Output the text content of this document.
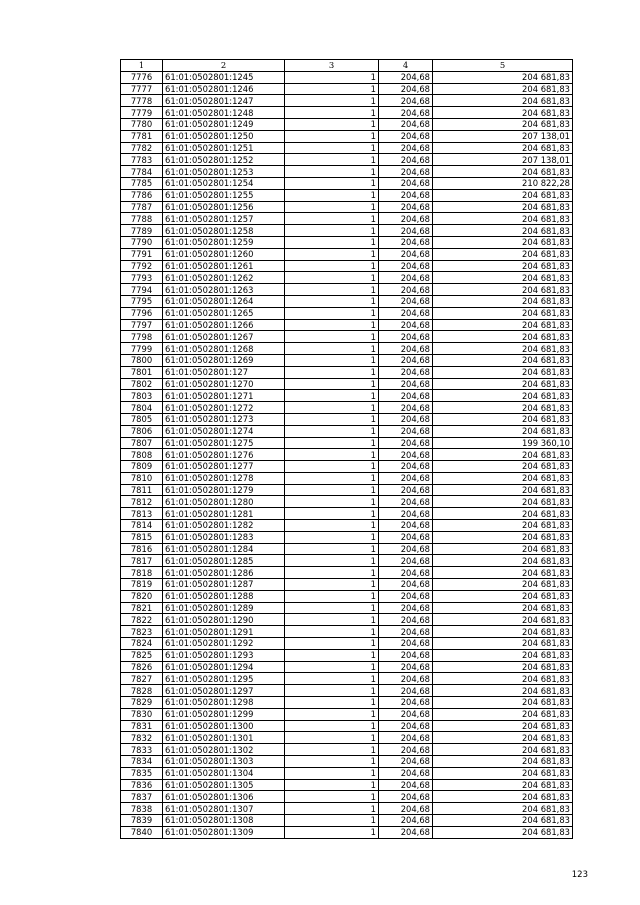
1	2	3	4	5
7776	61:01:0502801:1245	1	204,68	204 681,83
7777	61:01:0502801:1246	1	204,68	204 681,83
7778	61:01:0502801:1247	1	204,68	204 681,83
7779	61:01:0502801:1248	1	204,68	204 681,83
7780	61:01:0502801:1249	1	204,68	204 681,83
7781	61:01:0502801:1250	1	204,68	207 138,01
7782	61:01:0502801:1251	1	204,68	204 681,83
7783	61:01:0502801:1252	1	204,68	207 138,01
7784	61:01:0502801:1253	1	204,68	204 681,83
7785	61:01:0502801:1254	1	204,68	210 822,28
7786	61:01:0502801:1255	1	204,68	204 681,83
7787	61:01:0502801:1256	1	204,68	204 681,83
7788	61:01:0502801:1257	1	204,68	204 681,83
7789	61:01:0502801:1258	1	204,68	204 681,83
7790	61:01:0502801:1259	1	204,68	204 681,83
7791	61:01:0502801:1260	1	204,68	204 681,83
7792	61:01:0502801:1261	1	204,68	204 681,83
7793	61:01:0502801:1262	1	204,68	204 681,83
7794	61:01:0502801:1263	1	204,68	204 681,83
7795	61:01:0502801:1264	1	204,68	204 681,83
7796	61:01:0502801:1265	1	204,68	204 681,83
7797	61:01:0502801:1266	1	204,68	204 681,83
7798	61:01:0502801:1267	1	204,68	204 681,83
7799	61:01:0502801:1268	1	204,68	204 681,83
7800	61:01:0502801:1269	1	204,68	204 681,83
7801	61:01:0502801:127	1	204,68	204 681,83
7802	61:01:0502801:1270	1	204,68	204 681,83
7803	61:01:0502801:1271	1	204,68	204 681,83
7804	61:01:0502801:1272	1	204,68	204 681,83
7805	61:01:0502801:1273	1	204,68	204 681,83
7806	61:01:0502801:1274	1	204,68	204 681,83
7807	61:01:0502801:1275	1	204,68	199 360,10
7808	61:01:0502801:1276	1	204,68	204 681,83
7809	61:01:0502801:1277	1	204,68	204 681,83
7810	61:01:0502801:1278	1	204,68	204 681,83
7811	61:01:0502801:1279	1	204,68	204 681,83
7812	61:01:0502801:1280	1	204,68	204 681,83
7813	61:01:0502801:1281	1	204,68	204 681,83
7814	61:01:0502801:1282	1	204,68	204 681,83
7815	61:01:0502801:1283	1	204,68	204 681,83
7816	61:01:0502801:1284	1	204,68	204 681,83
7817	61:01:0502801:1285	1	204,68	204 681,83
7818	61:01:0502801:1286	1	204,68	204 681,83
7819	61:01:0502801:1287	1	204,68	204 681,83
7820	61:01:0502801:1288	1	204,68	204 681,83
7821	61:01:0502801:1289	1	204,68	204 681,83
7822	61:01:0502801:1290	1	204,68	204 681,83
7823	61:01:0502801:1291	1	204,68	204 681,83
7824	61:01:0502801:1292	1	204,68	204 681,83
7825	61:01:0502801:1293	1	204,68	204 681,83
7826	61:01:0502801:1294	1	204,68	204 681,83
7827	61:01:0502801:1295	1	204,68	204 681,83
7828	61:01:0502801:1297	1	204,68	204 681,83
7829	61:01:0502801:1298	1	204,68	204 681,83
7830	61:01:0502801:1299	1	204,68	204 681,83
7831	61:01:0502801:1300	1	204,68	204 681,83
7832	61:01:0502801:1301	1	204,68	204 681,83
7833	61:01:0502801:1302	1	204,68	204 681,83
7834	61:01:0502801:1303	1	204,68	204 681,83
7835	61:01:0502801:1304	1	204,68	204 681,83
7836	61:01:0502801:1305	1	204,68	204 681,83
7837	61:01:0502801:1306	1	204,68	204 681,83
7838	61:01:0502801:1307	1	204,68	204 681,83
7839	61:01:0502801:1308	1	204,68	204 681,83
7840	61:01:0502801:1309	1	204,68	204 681,83
123
